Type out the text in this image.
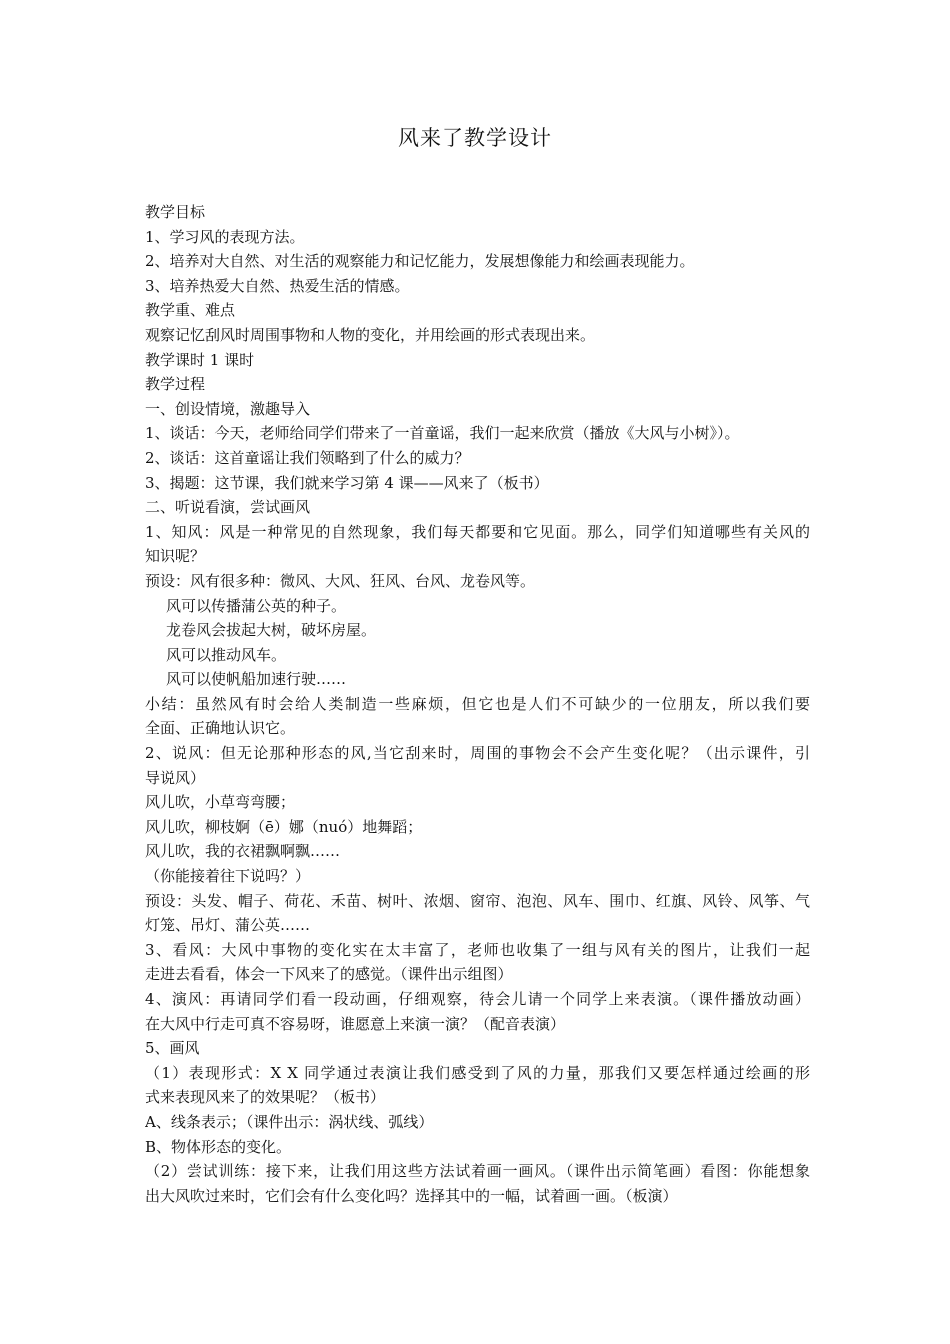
风来了教学设计
教学目标
1、学习风的表现方法。
2、培养对大自然、对生活的观察能力和记忆能力，发展想像能力和绘画表现能力。
3、培养热爱大自然、热爱生活的情感。
教学重、难点
观察记忆刮风时周围事物和人物的变化，并用绘画的形式表现出来。
教学课时 1 课时
教学过程
一、创设情境，激趣导入
1、谈话：今天，老师给同学们带来了一首童谣，我们一起来欣赏（播放《大风与小树》）。
2、谈话：这首童谣让我们领略到了什么的威力？
3、揭题：这节课，我们就来学习第 4 课——风来了（板书）
二、听说看演，尝试画风
1、知风：风是一种常见的自然现象，我们每天都要和它见面。那么，同学们知道哪些有关风的
知识呢？
预设：风有很多种：微风、大风、狂风、台风、龙卷风等。
风可以传播蒲公英的种子。
龙卷风会拔起大树，破坏房屋。
风可以推动风车。
风可以使帆船加速行驶……
小结：虽然风有时会给人类制造一些麻烦，但它也是人们不可缺少的一位朋友，所以我们要
全面、正确地认识它。
2、说风：但无论那种形态的风,当它刮来时，周围的事物会不会产生变化呢？（出示课件，引
导说风）
风儿吹，小草弯弯腰；
风儿吹，柳枝婀（ē）娜（nuó）地舞蹈；
风儿吹，我的衣裙飘啊飘……
（你能接着往下说吗？）
预设：头发、帽子、荷花、禾苗、树叶、浓烟、窗帘、泡泡、风车、围巾、红旗、风铃、风筝、气
灯笼、吊灯、蒲公英……
3、看风：大风中事物的变化实在太丰富了，老师也收集了一组与风有关的图片，让我们一起
走进去看看，体会一下风来了的感觉。（课件出示组图）
4、演风：再请同学们看一段动画，仔细观察，待会儿请一个同学上来表演。（课件播放动画）
在大风中行走可真不容易呀，谁愿意上来演一演？（配音表演）
5、画风
（1）表现形式：X X 同学通过表演让我们感受到了风的力量，那我们又要怎样通过绘画的形
式来表现风来了的效果呢？（板书）
A、线条表示；（课件出示：涡状线、弧线）
B、物体形态的变化。
（2）尝试训练：接下来，让我们用这些方法试着画一画风。（课件出示简笔画）看图：你能想象
出大风吹过来时，它们会有什么变化吗？选择其中的一幅，试着画一画。（板演）
